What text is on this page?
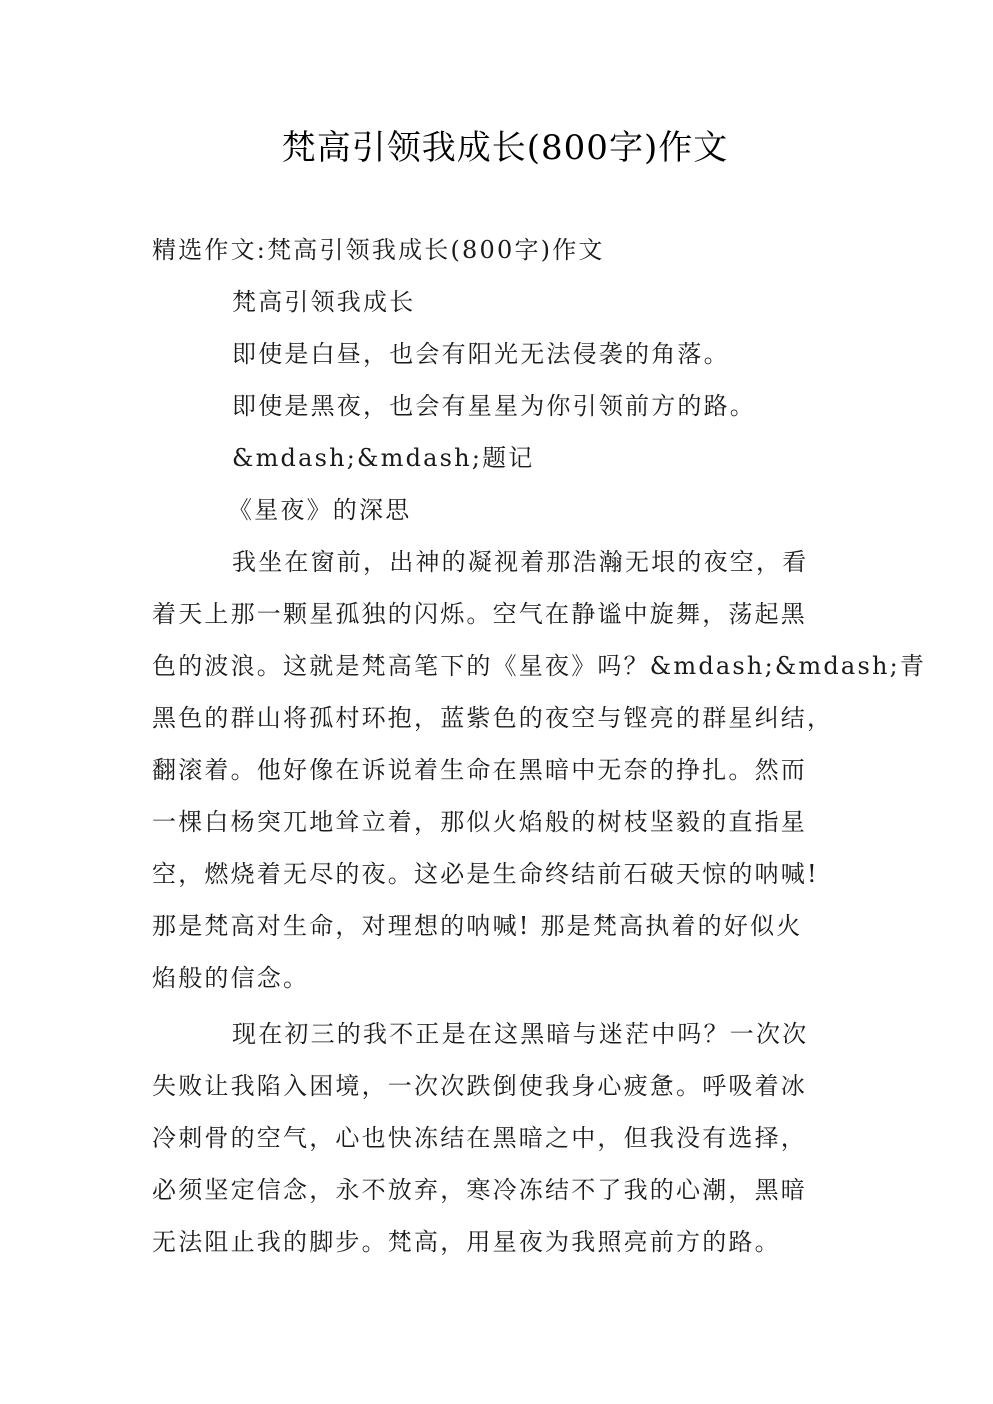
梵高引领我成长(800字)作文

精选作文:梵高引领我成长(800字)作文

梵高引领我成长

即使是白昼，也会有阳光无法侵袭的角落。

即使是黑夜，也会有星星为你引领前方的路。

&mdash;&mdash;题记

《星夜》的深思

我坐在窗前，出神的凝视着那浩瀚无垠的夜空，看

着天上那一颗星孤独的闪烁。空气在静谧中旋舞，荡起黑

色的波浪。这就是梵高笔下的《星夜》吗？&mdash;&mdash;青

黑色的群山将孤村环抱，蓝紫色的夜空与铿亮的群星纠结，

翻滚着。他好像在诉说着生命在黑暗中无奈的挣扎。然而

一棵白杨突兀地耸立着，那似火焰般的树枝坚毅的直指星

空，燃烧着无尽的夜。这必是生命终结前石破天惊的呐喊!

那是梵高对生命，对理想的呐喊! 那是梵高执着的好似火

焰般的信念。

现在初三的我不正是在这黑暗与迷茫中吗？一次次

失败让我陷入困境，一次次跌倒使我身心疲惫。呼吸着冰

冷刺骨的空气，心也快冻结在黑暗之中，但我没有选择，

必须坚定信念，永不放弃，寒冷冻结不了我的心潮，黑暗

无法阻止我的脚步。梵高，用星夜为我照亮前方的路。
